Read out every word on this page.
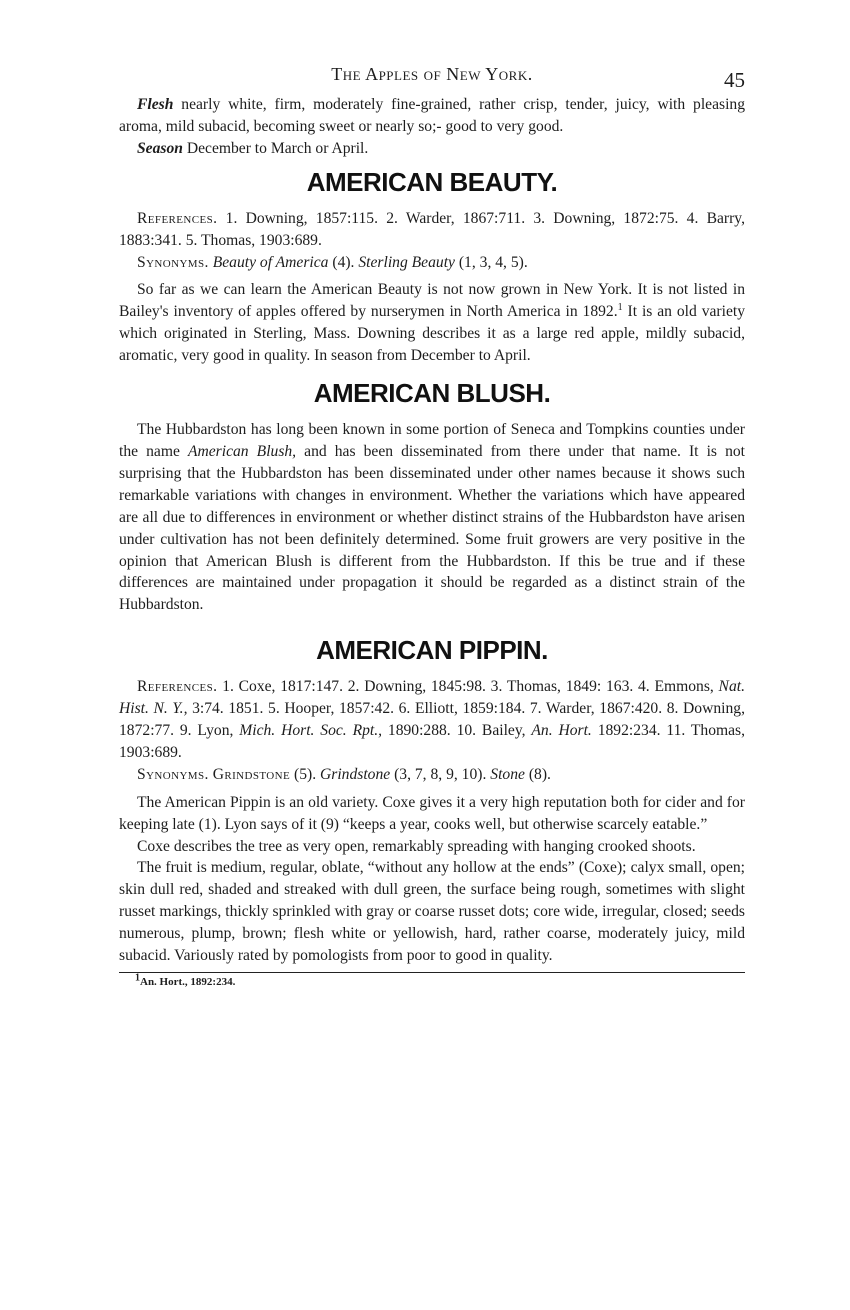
The Apples of New York.	45

Flesh nearly white, firm, moderately fine-grained, rather crisp, tender, juicy, with pleasing aroma, mild subacid, becoming sweet or nearly so;- good to very good.

Season December to March or April.

AMERICAN BEAUTY.

References. 1. Downing, 1857:115. 2. Warder, 1867:711. 3. Downing, 1872:75. 4. Barry, 1883:341. 5. Thomas, 1903:689.

Synonyms. Beauty of America (4). Sterling Beauty (1, 3, 4, 5).

So far as we can learn the American Beauty is not now grown in New York. It is not listed in Bailey's inventory of apples offered by nurserymen in North America in 1892.$^1$ It is an old variety which originated in Sterling, Mass. Downing describes it as a large red apple, mildly subacid, aromatic, very good in quality. In season from December to April.

AMERICAN BLUSH.

The Hubbardston has long been known in some portion of Seneca and Tompkins counties under the name American Blush, and has been disseminated from there under that name. It is not surprising that the Hubbardston has been disseminated under other names because it shows such remarkable variations with changes in environment. Whether the variations which have appeared are all due to differences in environment or whether distinct strains of the Hubbardston have arisen under cultivation has not been definitely determined. Some fruit growers are very positive in the opinion that American Blush is different from the Hubbardston. If this be true and if these differences are maintained under propagation it should be regarded as a distinct strain of the Hubbardston.

AMERICAN PIPPIN.

References. 1. Coxe, 1817:147. 2. Downing, 1845:98. 3. Thomas, 1849: 163. 4. Emmons, Nat. Hist. N. Y., 3:74. 1851. 5. Hooper, 1857:42. 6. Elliott, 1859:184. 7. Warder, 1867:420. 8. Downing, 1872:77. 9. Lyon, Mich. Hort. Soc. Rpt., 1890:288. 10. Bailey, An. Hort. 1892:234. 11. Thomas, 1903:689.

Synonyms. Grindstone (5). Grindstone (3, 7, 8, 9, 10). Stone (8).

The American Pippin is an old variety. Coxe gives it a very high reputation both for cider and for keeping late (1). Lyon says of it (9) “keeps a year, cooks well, but otherwise scarcely eatable.”

Coxe describes the tree as very open, remarkably spreading with hanging crooked shoots.

The fruit is medium, regular, oblate, “without any hollow at the ends” (Coxe); calyx small, open; skin dull red, shaded and streaked with dull green, the surface being rough, sometimes with slight russet markings, thickly sprinkled with gray or coarse russet dots; core wide, irregular, closed; seeds numerous, plump, brown; flesh white or yellowish, hard, rather coarse, moderately juicy, mild subacid. Variously rated by pomologists from poor to good in quality.

$^1$An. Hort., 1892:234.
